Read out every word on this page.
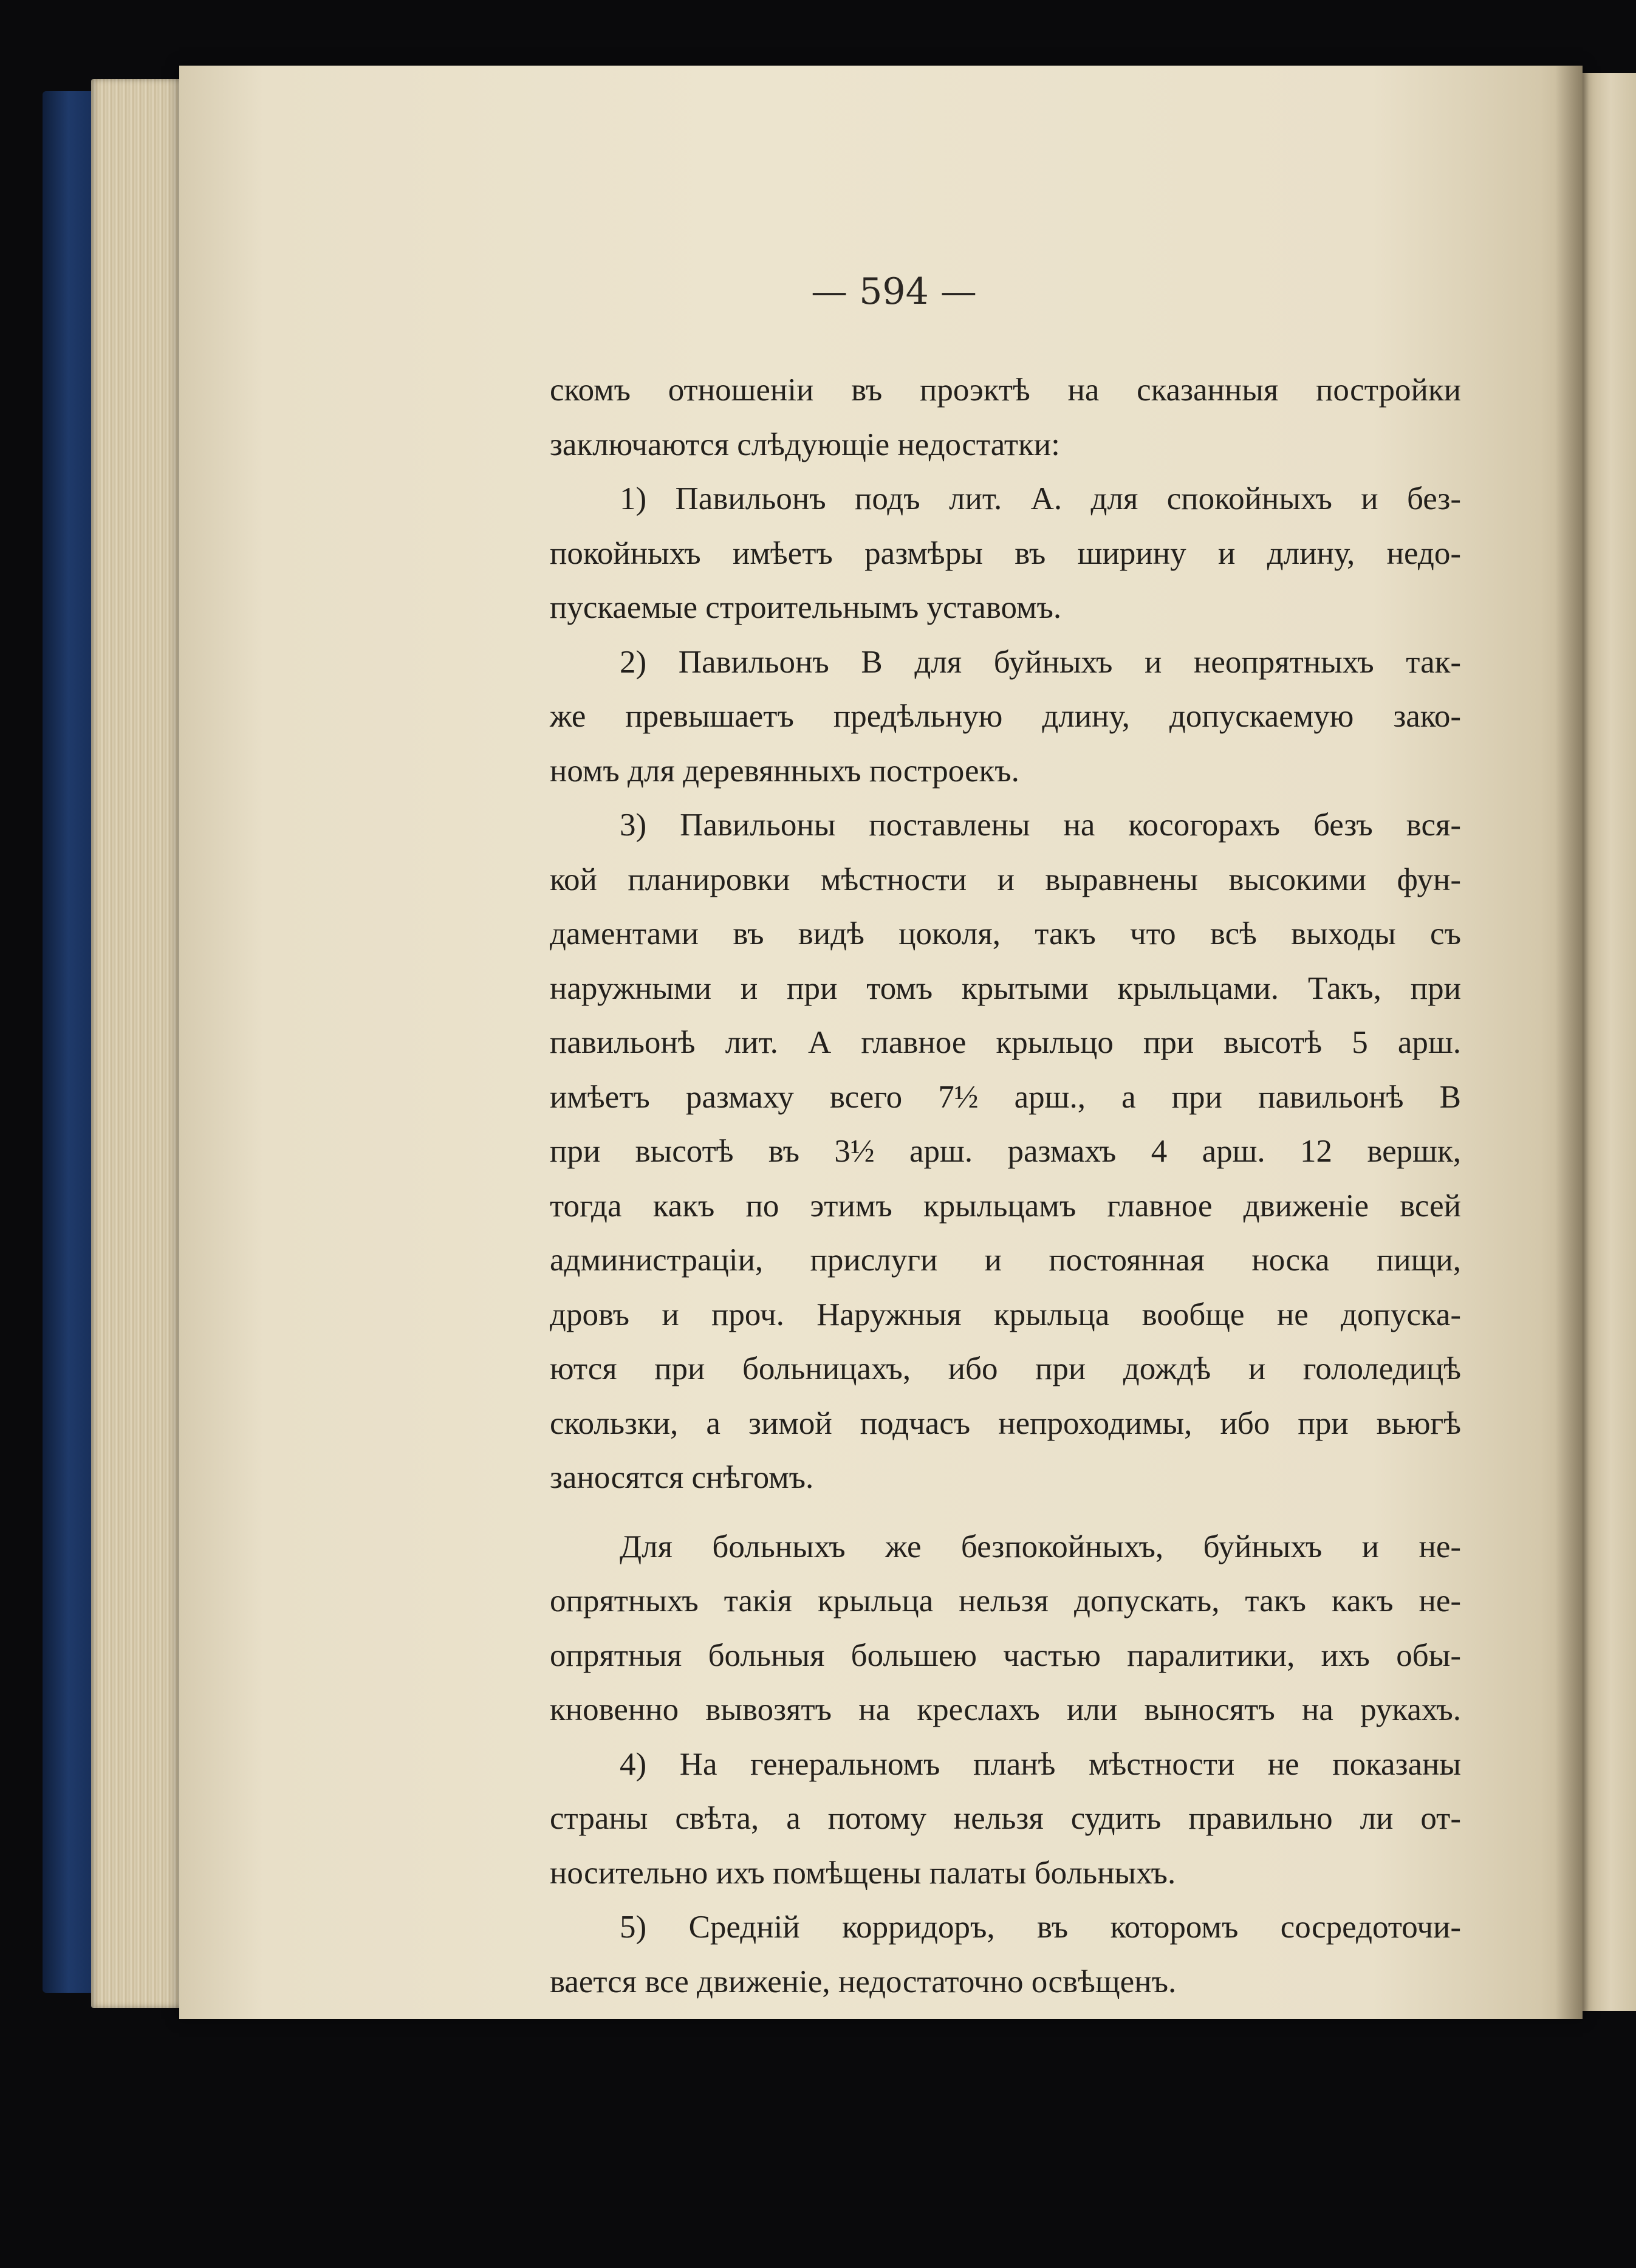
— 594 —
скомъ отношеніи въ проэктѣ на сказанныя постройки
заключаются слѣдующіе недостатки:
1) Павильонъ подъ лит. А. для спокойныхъ и без-
покойныхъ имѣетъ размѣры въ ширину и длину, недо-
пускаемые строительнымъ уставомъ.
2) Павильонъ В для буйныхъ и неопрятныхъ так-
же превышаетъ предѣльную длину, допускаемую зако-
номъ для деревянныхъ построекъ.
3) Павильоны поставлены на косогорахъ безъ вся-
кой планировки мѣстности и выравнены высокими фун-
даментами въ видѣ цоколя, такъ что всѣ выходы съ
наружными и при томъ крытыми крыльцами. Такъ, при
павильонѣ лит. А главное крыльцо при высотѣ 5 арш.
имѣетъ размаху всего 7½ арш., а при павильонѣ В
при высотѣ въ 3½ арш. размахъ 4 арш. 12 вершк,
тогда какъ по этимъ крыльцамъ главное движеніе всей
администраціи, прислуги и постоянная носка пищи,
дровъ и проч. Наружныя крыльца вообще не допуска-
ются при больницахъ, ибо при дождѣ и гололедицѣ
скользки, а зимой подчасъ непроходимы, ибо при вьюгѣ
заносятся снѣгомъ.
Для больныхъ же безпокойныхъ, буйныхъ и не-
опрятныхъ такія крыльца нельзя допускать, такъ какъ не-
опрятныя больныя большею частью паралитики, ихъ обы-
кновенно вывозятъ на креслахъ или выносятъ на рукахъ.
4) На генеральномъ планѣ мѣстности не показаны
страны свѣта, а потому нельзя судить правильно ли от-
носительно ихъ помѣщены палаты больныхъ.
5) Средній корридоръ, въ которомъ сосредоточи-
вается все движеніе, недостаточно освѣщенъ.
